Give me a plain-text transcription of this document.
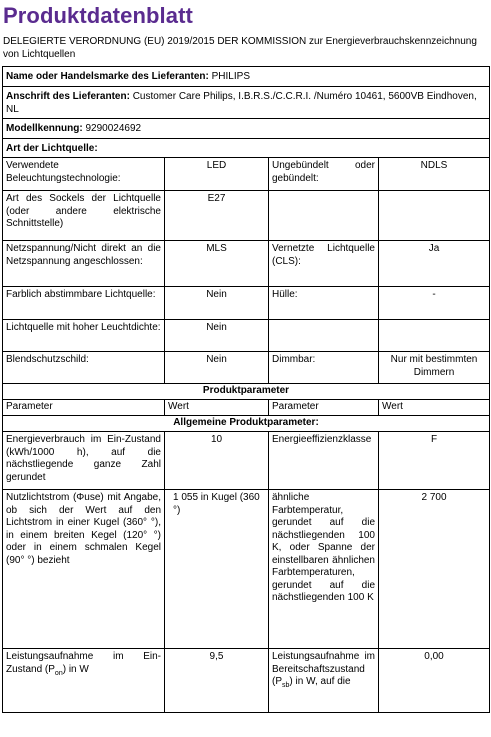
Produktdatenblatt
DELEGIERTE VERORDNUNG (EU) 2019/2015 DER KOMMISSION zur Energieverbrauchskennzeichnung von Lichtquellen
Name oder Handelsmarke des Lieferanten: PHILIPS			
Anschrift des Lieferanten: Customer Care Philips, I.B.R.S./C.C.R.I. /Numéro 10461, 5600VB Eindhoven, NL			
Modellkennung: 9290024692			
Art der Lichtquelle:			
Verwendete Beleuchtungstechnologie:	LED	Ungebündelt oder gebündelt:	NDLS
Art des Sockels der Lichtquelle (oder andere elektrische Schnittstelle)	E27		
Netzspannung/Nicht direkt an die Netzspannung angeschlossen:	MLS	Vernetzte Lichtquelle (CLS):	Ja
Farblich abstimmbare Lichtquelle:	Nein	Hülle:	-
Lichtquelle mit hoher Leuchtdichte:	Nein		
Blendschutzschild:	Nein	Dimmbar:	Nur mit bestimmten Dimmern
Produktparameter			
Parameter	Wert	Parameter	Wert
Allgemeine Produktparameter:			
Energieverbrauch im Ein-Zustand (kWh/1000 h), auf die nächstliegende ganze Zahl gerundet	10	Energieeffizienzklasse	F
Nutzlichtstrom (Φuse) mit Angabe, ob sich der Wert auf den Lichtstrom in einer Kugel (360° °), in einem breiten Kegel (120° °) oder in einem schmalen Kegel (90° °) bezieht	1 055 in Kugel (360 °)	ähnliche Farbtemperatur, gerundet auf die nächstliegenden 100 K, oder Spanne der einstellbaren ähnlichen Farbtemperaturen, gerundet auf die nächstliegenden 100 K	2 700
Leistungsaufnahme im Ein-Zustand $(P_{on})$ in W	9,5	Leistungsaufnahme im Bereitschaftszustand $(P_{sb})$ in W, auf die	0,00
